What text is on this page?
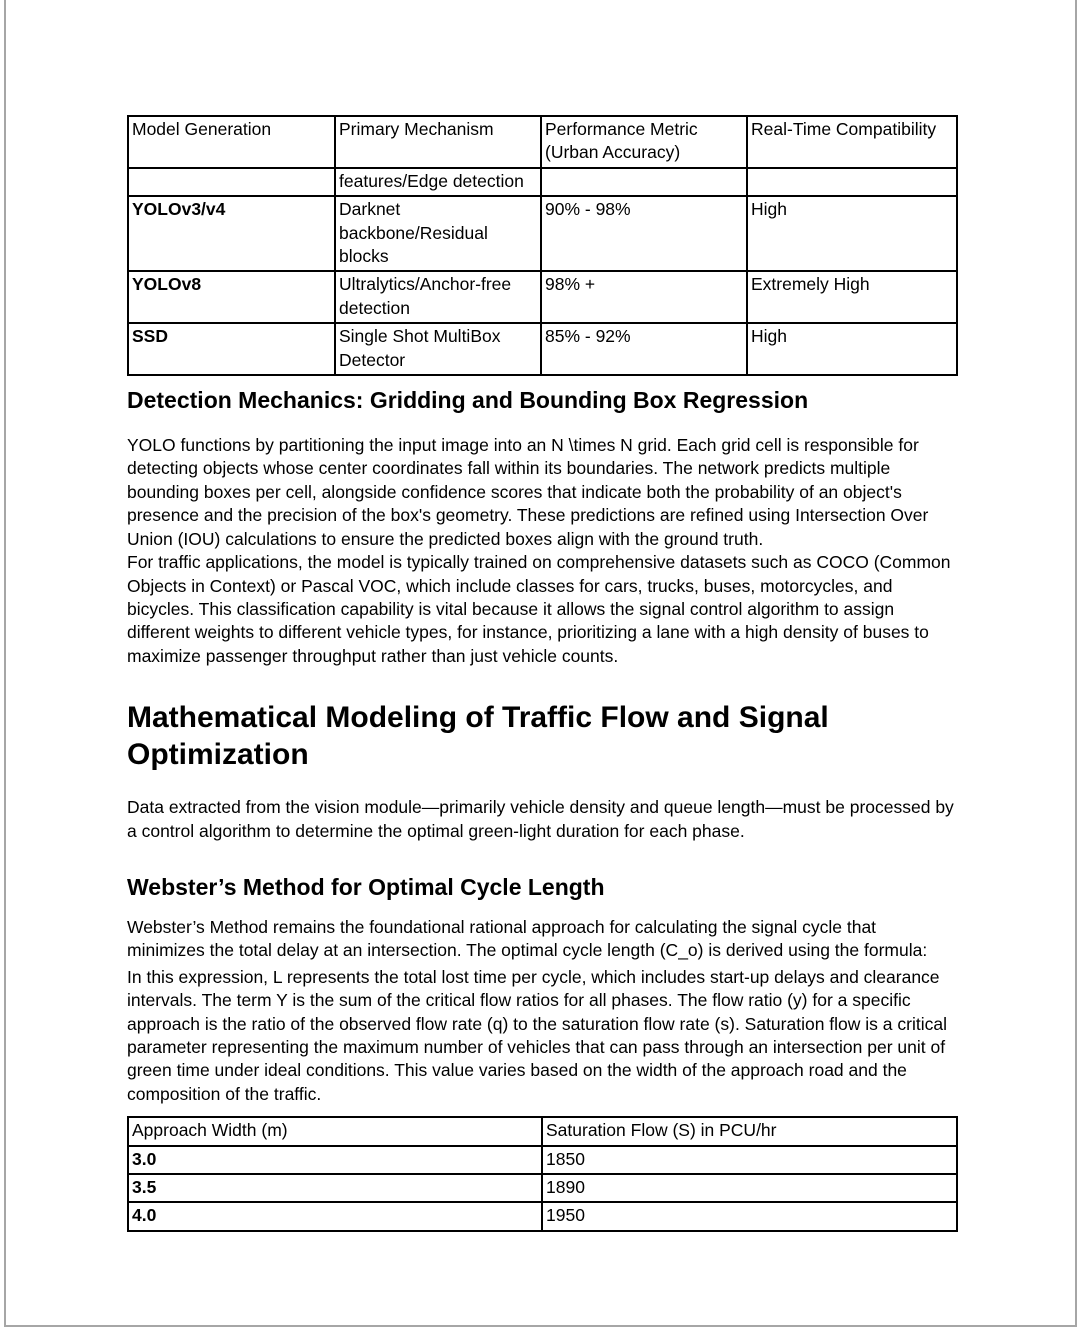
Model Generation	Primary Mechanism	Performance Metric (Urban Accuracy)	Real-Time Compatibility
	features/Edge detection		
YOLOv3/v4	Darknet backbone/Residual blocks	90% - 98%	High
YOLOv8	Ultralytics/Anchor-free detection	98% +	Extremely High
SSD	Single Shot MultiBox Detector	85% - 92%	High
Detection Mechanics: Gridding and Bounding Box Regression

YOLO functions by partitioning the input image into an N \times N grid. Each grid cell is responsible for detecting objects whose center coordinates fall within its boundaries. The network predicts multiple bounding boxes per cell, alongside confidence scores that indicate both the probability of an object's presence and the precision of the box's geometry. These predictions are refined using Intersection Over Union (IOU) calculations to ensure the predicted boxes align with the ground truth.

For traffic applications, the model is typically trained on comprehensive datasets such as COCO (Common Objects in Context) or Pascal VOC, which include classes for cars, trucks, buses, motorcycles, and bicycles. This classification capability is vital because it allows the signal control algorithm to assign different weights to different vehicle types, for instance, prioritizing a lane with a high density of buses to maximize passenger throughput rather than just vehicle counts.

Mathematical Modeling of Traffic Flow and Signal Optimization

Data extracted from the vision module—primarily vehicle density and queue length—must be processed by a control algorithm to determine the optimal green-light duration for each phase.

Webster’s Method for Optimal Cycle Length

Webster’s Method remains the foundational rational approach for calculating the signal cycle that minimizes the total delay at an intersection. The optimal cycle length (C_o) is derived using the formula:

In this expression, L represents the total lost time per cycle, which includes start-up delays and clearance intervals. The term Y is the sum of the critical flow ratios for all phases. The flow ratio (y) for a specific approach is the ratio of the observed flow rate (q) to the saturation flow rate (s). Saturation flow is a critical parameter representing the maximum number of vehicles that can pass through an intersection per unit of green time under ideal conditions. This value varies based on the width of the approach road and the composition of the traffic.

Approach Width (m)	Saturation Flow (S) in PCU/hr
3.0	1850
3.5	1890
4.0	1950
